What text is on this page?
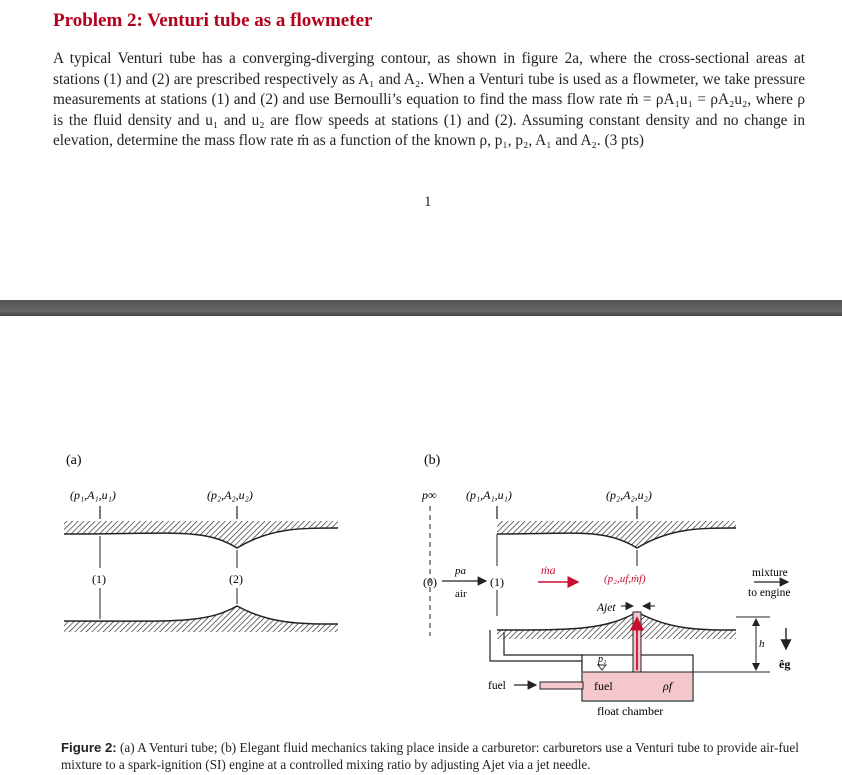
Problem 2: Venturi tube as a flowmeter

A typical Venturi tube has a converging-diverging contour, as shown in figure 2a, where the cross-sectional areas at stations (1) and (2) are prescribed respectively as A₁ and A₂. When a Venturi tube is used as a flowmeter, we take pressure measurements at stations (1) and (2) and use Bernoulli’s equation to find the mass flow rate ṁ = ρA₁u₁ = ρA₂u₂, where ρ is the fluid density and u₁ and u₂ are flow speeds at stations (1) and (2). Assuming constant density and no change in elevation, determine the mass flow rate ṁ as a function of the known ρ, p₁, p₂, A₁ and A₂. (3 pts)

1
(a)
(p₁,A₁,u₁)	(p₂,A₂,u₂)
(1)	(2)
(b)
p∞ (p₁,A₁,u₁)	(p₂,A₂,u₂)
pa
(0)	(1)
air
ṁa
(p₂,uf,ṁf)	mixture
to engine
Ajet
p₁
fuel	ρf
fuel
h
êg
float chamber

Figure 2: (a) A Venturi tube; (b) Elegant fluid mechanics taking place inside a carburetor: carburetors use a Venturi tube to provide air-fuel mixture to a spark-ignition (SI) engine at a controlled mixing ratio by adjusting Ajet via a jet needle.
